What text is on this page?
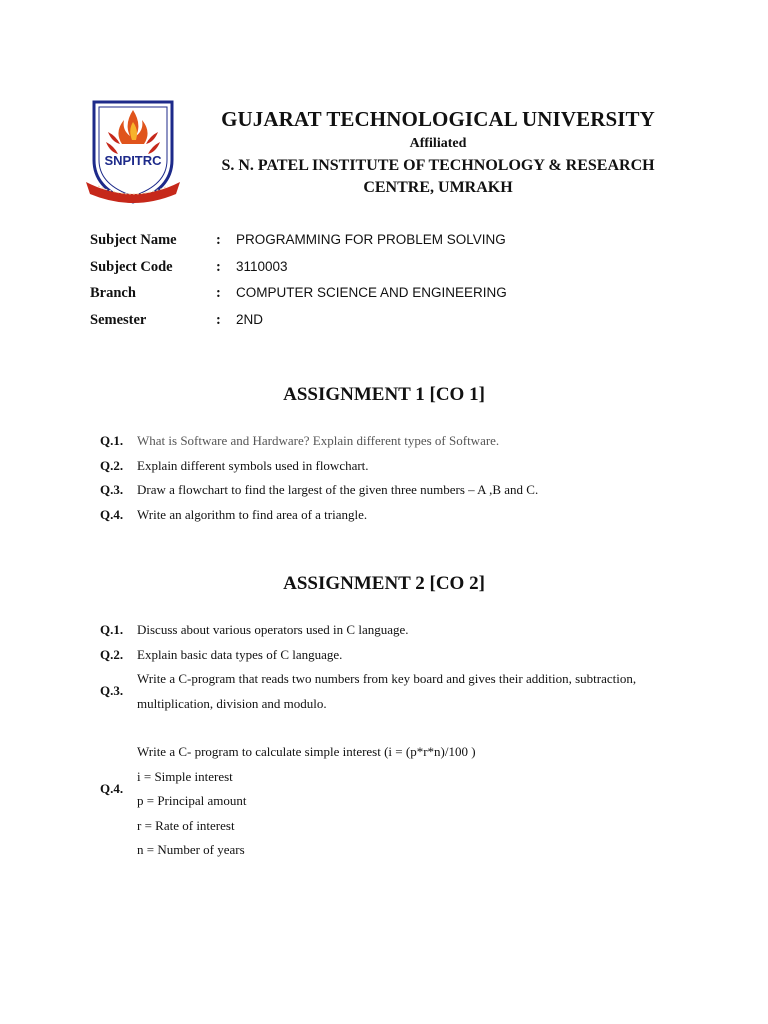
SNPITRC
GUJARAT TECHNOLOGICAL UNIVERSITY
Affiliated
S. N. PATEL INSTITUTE OF TECHNOLOGY & RESEARCH
CENTRE, UMRAKH
Subject Name	: PROGRAMMING FOR PROBLEM SOLVING
Subject Code	: 3110003
Branch	: COMPUTER SCIENCE AND ENGINEERING
Semester	: 2ND
ASSIGNMENT 1 [CO 1]
Q.1. What is Software and Hardware? Explain different types of Software.
Q.2. Explain different symbols used in flowchart.
Q.3. Draw a flowchart to find the largest of the given three numbers – A ,B and C.
Q.4. Write an algorithm to find area of a triangle.
ASSIGNMENT 2 [CO 2]
Q.1. Discuss about various operators used in C language.
Q.2. Explain basic data types of C language.
Q.3.
Write a C-program that reads two numbers from key board and gives their addition, subtraction,
multiplication, division and modulo.
Q.4.
Write a C- program to calculate simple interest (i = (p*r*n)/100 )
i = Simple interest
p = Principal amount
r = Rate of interest
n = Number of years
